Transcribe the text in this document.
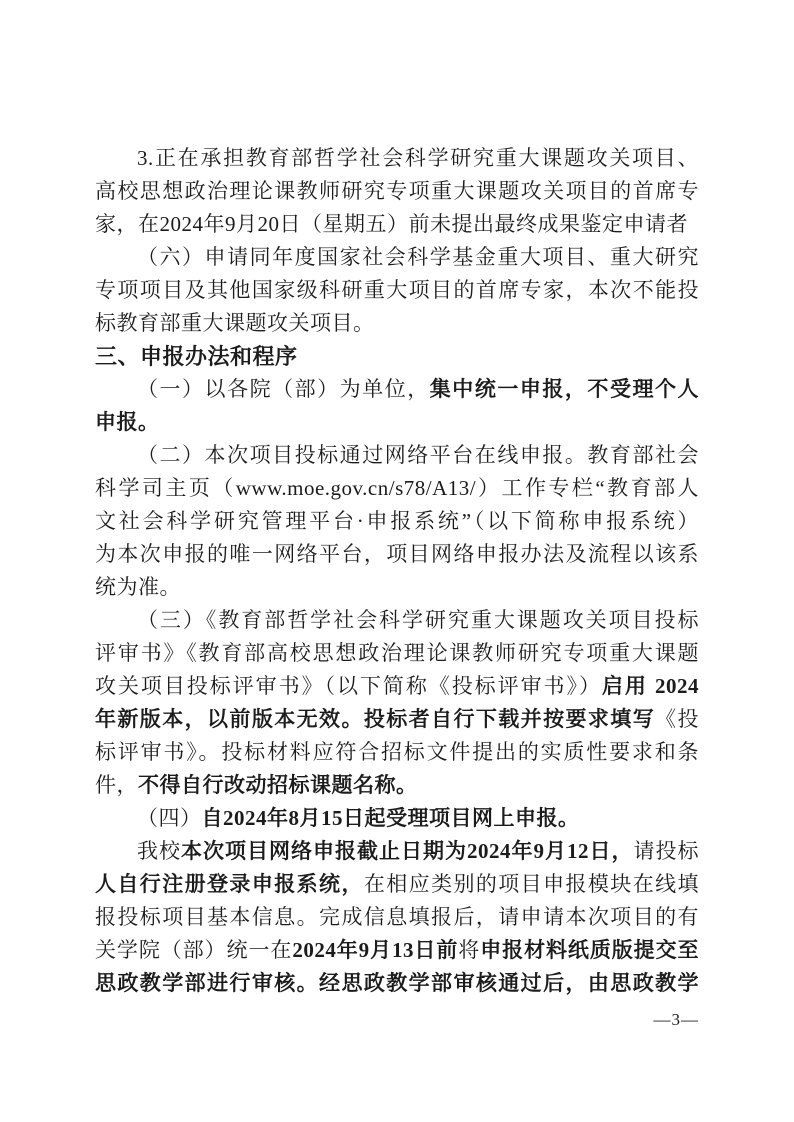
3.正在承担教育部哲学社会科学研究重大课题攻关项目、
高校思想政治理论课教师研究专项重大课题攻关项目的首席专
家，在2024年9月20日（星期五）前未提出最终成果鉴定申请者
（六）申请同年度国家社会科学基金重大项目、重大研究
专项项目及其他国家级科研重大项目的首席专家，本次不能投
标教育部重大课题攻关项目。
三、申报办法和程序
（一）以各院（部）为单位，集中统一申报，不受理个人
申报。
（二）本次项目投标通过网络平台在线申报。教育部社会
科学司主页（www.moe.gov.cn/s78/A13/）工作专栏“教育部人
文社会科学研究管理平台·申报系统”（以下简称申报系统）
为本次申报的唯一网络平台，项目网络申报办法及流程以该系
统为准。
（三）《教育部哲学社会科学研究重大课题攻关项目投标
评审书》《教育部高校思想政治理论课教师研究专项重大课题
攻关项目投标评审书》（以下简称《投标评审书》）启用 2024
年新版本，以前版本无效。投标者自行下载并按要求填写《投
标评审书》。投标材料应符合招标文件提出的实质性要求和条
件，不得自行改动招标课题名称。
（四）自2024年8月15日起受理项目网上申报。
我校本次项目网络申报截止日期为2024年9月12日，请投标
人自行注册登录申报系统，在相应类别的项目申报模块在线填
报投标项目基本信息。完成信息填报后，请申请本次项目的有
关学院（部）统一在2024年9月13日前将申报材料纸质版提交至
思政教学部进行审核。经思政教学部审核通过后，由思政教学
—3—
